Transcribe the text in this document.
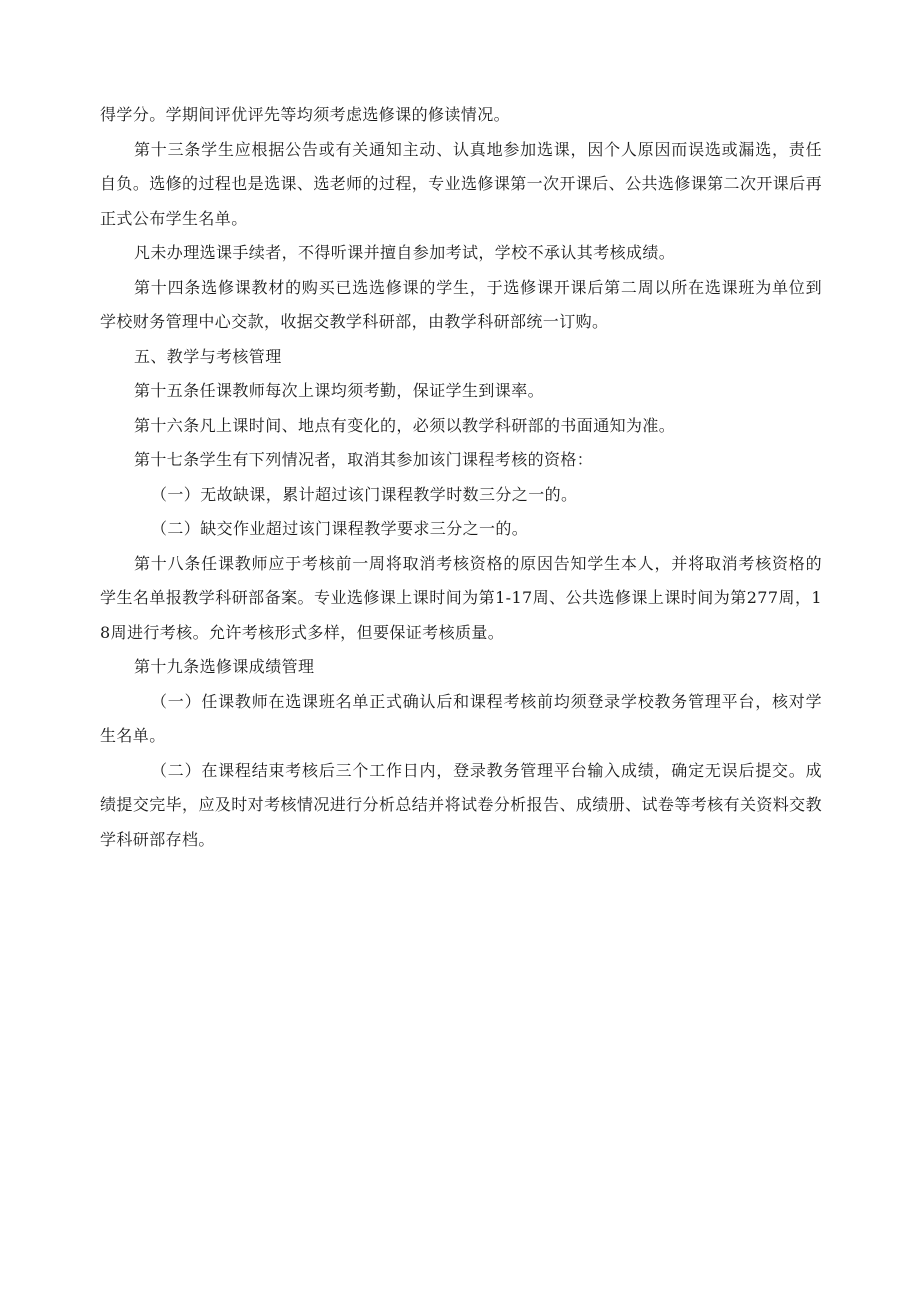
得学分。学期间评优评先等均须考虑选修课的修读情况。

第十三条学生应根据公告或有关通知主动、认真地参加选课，因个人原因而误选或漏选，责任自负。选修的过程也是选课、选老师的过程，专业选修课第一次开课后、公共选修课第二次开课后再正式公布学生名单。

凡未办理选课手续者，不得听课并擅自参加考试，学校不承认其考核成绩。

第十四条选修课教材的购买已选选修课的学生，于选修课开课后第二周以所在选课班为单位到学校财务管理中心交款，收据交教学科研部，由教学科研部统一订购。

五、教学与考核管理

第十五条任课教师每次上课均须考勤，保证学生到课率。

第十六条凡上课时间、地点有变化的，必须以教学科研部的书面通知为准。

第十七条学生有下列情况者，取消其参加该门课程考核的资格：

（一）无故缺课，累计超过该门课程教学时数三分之一的。

（二）缺交作业超过该门课程教学要求三分之一的。

第十八条任课教师应于考核前一周将取消考核资格的原因告知学生本人，并将取消考核资格的学生名单报教学科研部备案。专业选修课上课时间为第1-17周、公共选修课上课时间为第277周，18周进行考核。允许考核形式多样，但要保证考核质量。

第十九条选修课成绩管理

（一）任课教师在选课班名单正式确认后和课程考核前均须登录学校教务管理平台，核对学生名单。

（二）在课程结束考核后三个工作日内，登录教务管理平台输入成绩，确定无误后提交。成绩提交完毕，应及时对考核情况进行分析总结并将试卷分析报告、成绩册、试卷等考核有关资料交教学科研部存档。
